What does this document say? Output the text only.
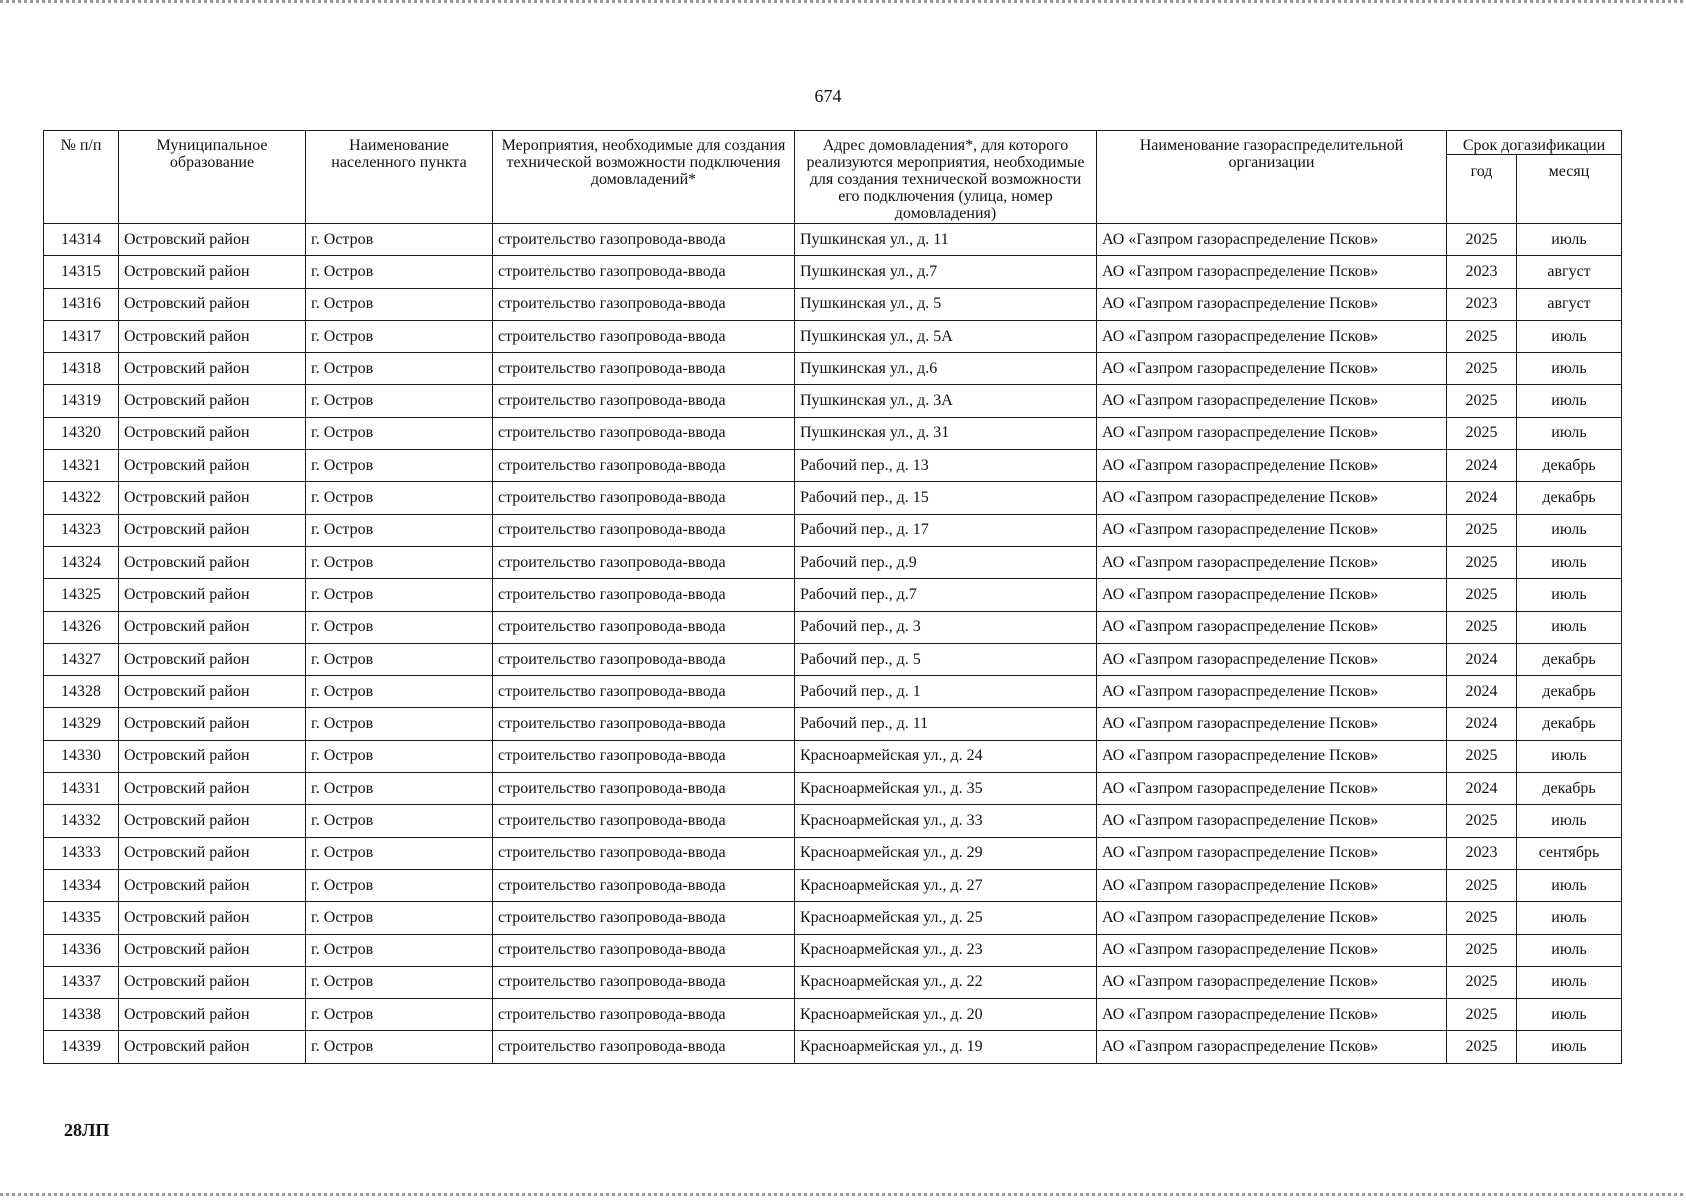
674
№ п/п	Муниципальное образование	Наименование населенного пункта	Мероприятия, необходимые для создания технической возможности подключения домовладений*	Адрес домовладения*, для которого реализуются мероприятия, необходимые для создания технической возможности его подключения (улица, номер домовладения)	Наименование газораспределительной организации	Срок догазификации	
						год	месяц
14314	Островский район	г. Остров	строительство газопровода-ввода	Пушкинская ул., д. 11	АО «Газпром газораспределение Псков»	2025	июль
14315	Островский район	г. Остров	строительство газопровода-ввода	Пушкинская ул., д.7	АО «Газпром газораспределение Псков»	2023	август
14316	Островский район	г. Остров	строительство газопровода-ввода	Пушкинская ул., д. 5	АО «Газпром газораспределение Псков»	2023	август
14317	Островский район	г. Остров	строительство газопровода-ввода	Пушкинская ул., д. 5А	АО «Газпром газораспределение Псков»	2025	июль
14318	Островский район	г. Остров	строительство газопровода-ввода	Пушкинская ул., д.6	АО «Газпром газораспределение Псков»	2025	июль
14319	Островский район	г. Остров	строительство газопровода-ввода	Пушкинская ул., д. 3А	АО «Газпром газораспределение Псков»	2025	июль
14320	Островский район	г. Остров	строительство газопровода-ввода	Пушкинская ул., д. 31	АО «Газпром газораспределение Псков»	2025	июль
14321	Островский район	г. Остров	строительство газопровода-ввода	Рабочий пер., д. 13	АО «Газпром газораспределение Псков»	2024	декабрь
14322	Островский район	г. Остров	строительство газопровода-ввода	Рабочий пер., д. 15	АО «Газпром газораспределение Псков»	2024	декабрь
14323	Островский район	г. Остров	строительство газопровода-ввода	Рабочий пер., д. 17	АО «Газпром газораспределение Псков»	2025	июль
14324	Островский район	г. Остров	строительство газопровода-ввода	Рабочий пер., д.9	АО «Газпром газораспределение Псков»	2025	июль
14325	Островский район	г. Остров	строительство газопровода-ввода	Рабочий пер., д.7	АО «Газпром газораспределение Псков»	2025	июль
14326	Островский район	г. Остров	строительство газопровода-ввода	Рабочий пер., д. 3	АО «Газпром газораспределение Псков»	2025	июль
14327	Островский район	г. Остров	строительство газопровода-ввода	Рабочий пер., д. 5	АО «Газпром газораспределение Псков»	2024	декабрь
14328	Островский район	г. Остров	строительство газопровода-ввода	Рабочий пер., д. 1	АО «Газпром газораспределение Псков»	2024	декабрь
14329	Островский район	г. Остров	строительство газопровода-ввода	Рабочий пер., д. 11	АО «Газпром газораспределение Псков»	2024	декабрь
14330	Островский район	г. Остров	строительство газопровода-ввода	Красноармейская ул., д. 24	АО «Газпром газораспределение Псков»	2025	июль
14331	Островский район	г. Остров	строительство газопровода-ввода	Красноармейская ул., д. 35	АО «Газпром газораспределение Псков»	2024	декабрь
14332	Островский район	г. Остров	строительство газопровода-ввода	Красноармейская ул., д. 33	АО «Газпром газораспределение Псков»	2025	июль
14333	Островский район	г. Остров	строительство газопровода-ввода	Красноармейская ул., д. 29	АО «Газпром газораспределение Псков»	2023	сентябрь
14334	Островский район	г. Остров	строительство газопровода-ввода	Красноармейская ул., д. 27	АО «Газпром газораспределение Псков»	2025	июль
14335	Островский район	г. Остров	строительство газопровода-ввода	Красноармейская ул., д. 25	АО «Газпром газораспределение Псков»	2025	июль
14336	Островский район	г. Остров	строительство газопровода-ввода	Красноармейская ул., д. 23	АО «Газпром газораспределение Псков»	2025	июль
14337	Островский район	г. Остров	строительство газопровода-ввода	Красноармейская ул., д. 22	АО «Газпром газораспределение Псков»	2025	июль
14338	Островский район	г. Остров	строительство газопровода-ввода	Красноармейская ул., д. 20	АО «Газпром газораспределение Псков»	2025	июль
14339	Островский район	г. Остров	строительство газопровода-ввода	Красноармейская ул., д. 19	АО «Газпром газораспределение Псков»	2025	июль
28ЛП
